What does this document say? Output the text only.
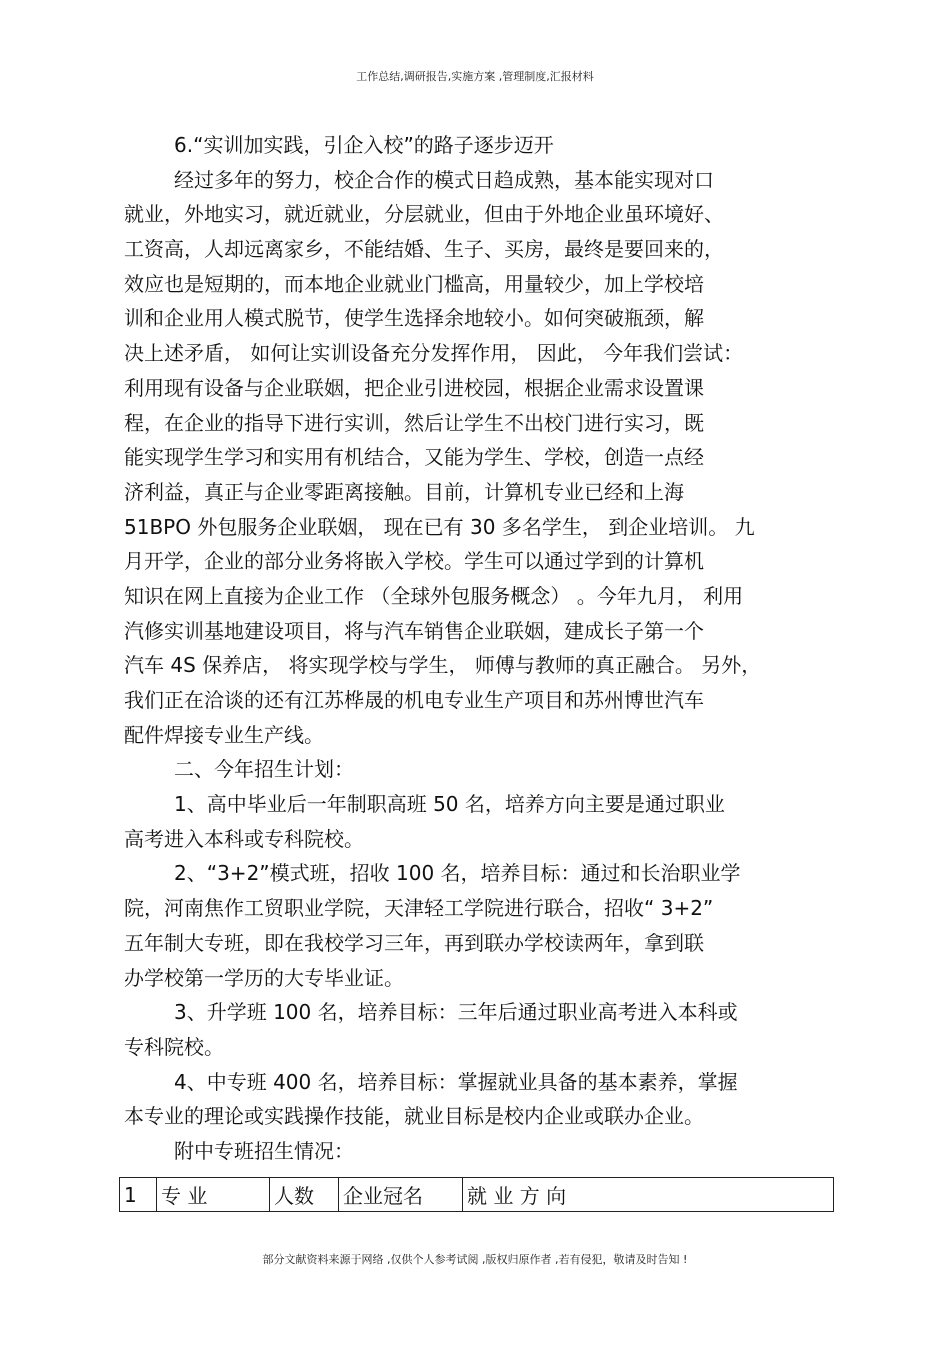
工作总结,调研报告,实施方案 ,管理制度,汇报材料
6.“实训加实践，引企入校”的路子逐步迈开
经过多年的努力，校企合作的模式日趋成熟，基本能实现对口
就业，外地实习，就近就业，分层就业，但由于外地企业虽环境好、
工资高，人却远离家乡，不能结婚、生子、买房，最终是要回来的，
效应也是短期的，而本地企业就业门槛高，用量较少，加上学校培
训和企业用人模式脱节，使学生选择余地较小。如何突破瓶颈，解
决上述矛盾， 如何让实训设备充分发挥作用， 因此， 今年我们尝试：
利用现有设备与企业联姻，把企业引进校园，根据企业需求设置课
程，在企业的指导下进行实训，然后让学生不出校门进行实习，既
能实现学生学习和实用有机结合，又能为学生、学校，创造一点经
济利益，真正与企业零距离接触。目前，计算机专业已经和上海
51BPO 外包服务企业联姻， 现在已有 30 多名学生， 到企业培训。 九
月开学，企业的部分业务将嵌入学校。学生可以通过学到的计算机
知识在网上直接为企业工作 （全球外包服务概念） 。今年九月， 利用
汽修实训基地建设项目，将与汽车销售企业联姻，建成长子第一个
汽车 4S 保养店， 将实现学校与学生， 师傅与教师的真正融合。 另外，
我们正在洽谈的还有江苏桦晟的机电专业生产项目和苏州博世汽车
配件焊接专业生产线。
二、今年招生计划：
1、高中毕业后一年制职高班 50 名，培养方向主要是通过职业
高考进入本科或专科院校。
2、“3+2”模式班，招收 100 名，培养目标：通过和长治职业学
院，河南焦作工贸职业学院，天津轻工学院进行联合，招收“ 3+2”
五年制大专班，即在我校学习三年，再到联办学校读两年，拿到联
办学校第一学历的大专毕业证。
3、升学班 100 名，培养目标：三年后通过职业高考进入本科或
专科院校。
4、中专班 400 名，培养目标：掌握就业具备的基本素养，掌握
本专业的理论或实践操作技能，就业目标是校内企业或联办企业。
附中专班招生情况：
1	专 业	人数	企业冠名	就 业 方 向
部分文献资料来源于网络 ,仅供个人参考试阅 ,版权归原作者 ,若有侵犯，敬请及时告知 !
